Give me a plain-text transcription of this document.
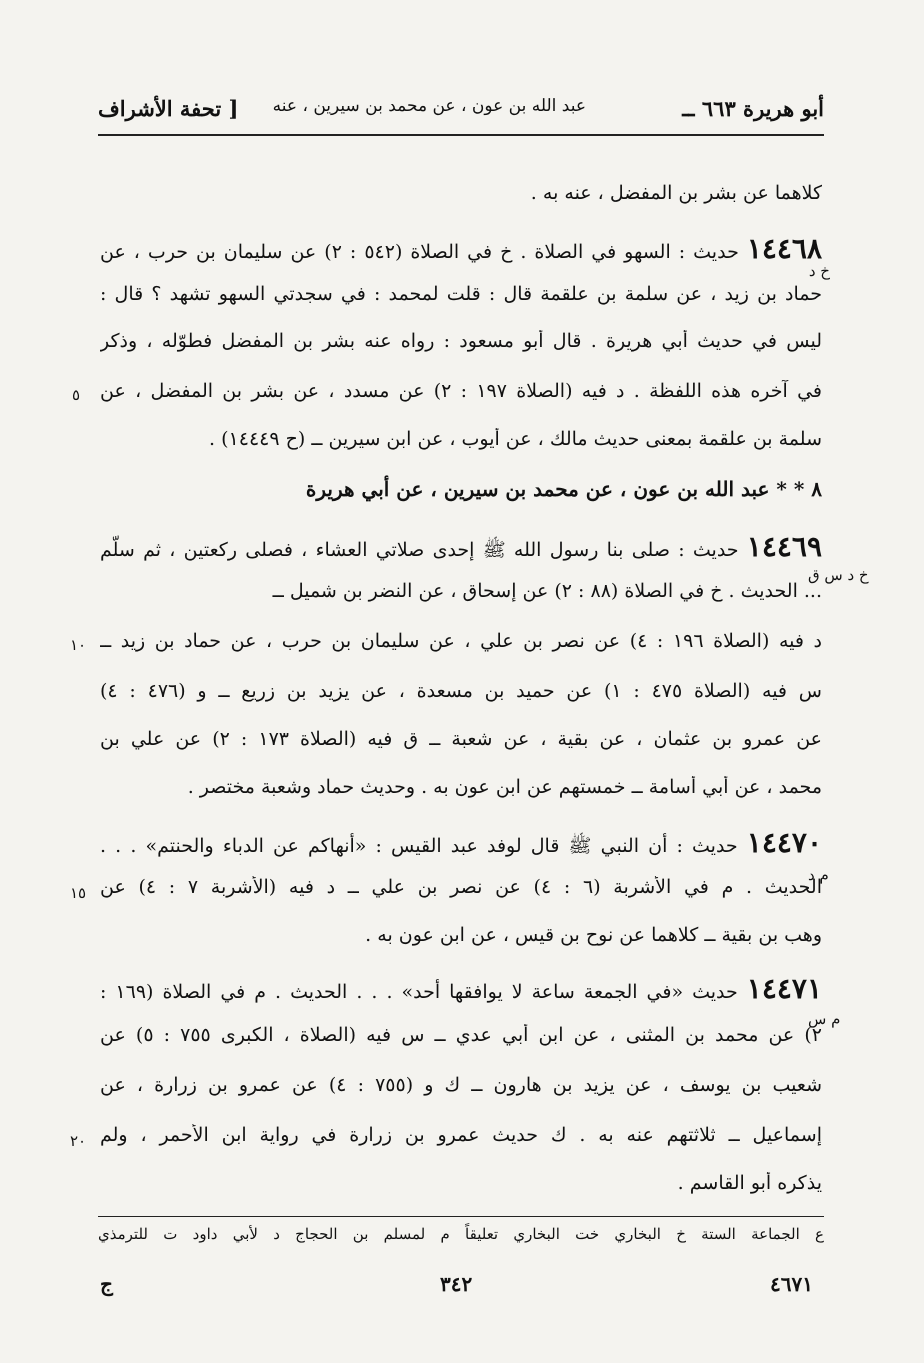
أبو هريرة ٦٦٣ ــ
عبد الله بن عون ، عن محمد بن سيرين ، عنه
[ تحفة الأشراف
كلاهما عن بشر بن المفضل ، عنه به .
١٤٤٦٨ حديث : السهو في الصلاة . خ في الصلاة (٥٤٢ : ٢) عن سليمان بن حرب ، عن
حماد بن زيد ، عن سلمة بن علقمة قال : قلت لمحمد : في سجدتي السهو تشهد ؟ قال :
ليس في حديث أبي هريرة . قال أبو مسعود : رواه عنه بشر بن المفضل فطوّله ، وذكر
في آخره هذه اللفظة . د فيه (الصلاة ١٩٧ : ٢) عن مسدد ، عن بشر بن المفضل ، عن
سلمة بن علقمة بمعنى حديث مالك ، عن أيوب ، عن ابن سيرين ــ (ح ١٤٤٤٩) .
١٤٤٦٩ حديث : صلى بنا رسول الله ﷺ إحدى صلاتي العشاء ، فصلى ركعتين ، ثم سلّم
... الحديث . خ في الصلاة (٨٨ : ٢) عن إسحاق ، عن النضر بن شميل ــ
د فيه (الصلاة ١٩٦ : ٤) عن نصر بن علي ، عن سليمان بن حرب ، عن حماد بن زيد ــ
س فيه (الصلاة ٤٧٥ : ١) عن حميد بن مسعدة ، عن يزيد بن زريع ــ و (٤٧٦ : ٤)
عن عمرو بن عثمان ، عن بقية ، عن شعبة ــ ق فيه (الصلاة ١٧٣ : ٢) عن علي بن
محمد ، عن أبي أسامة ــ خمستهم عن ابن عون به . وحديث حماد وشعبة مختصر .
١٤٤٧٠ حديث : أن النبي ﷺ قال لوفد عبد القيس : «أنهاكم عن الدباء والحنتم» . . .
الحديث . م في الأشربة (٦ : ٤) عن نصر بن علي ــ د فيه (الأشربة ٧ : ٤) عن
وهب بن بقية ــ كلاهما عن نوح بن قيس ، عن ابن عون به .
١٤٤٧١ حديث «في الجمعة ساعة لا يوافقها أحد» . . . الحديث . م في الصلاة (١٦٩ :
٢) عن محمد بن المثنى ، عن ابن أبي عدي ــ س فيه (الصلاة ، الكبرى ٧٥٥ : ٥) عن
شعيب بن يوسف ، عن يزيد بن هارون ــ ك و (٧٥٥ : ٤) عن عمرو بن زرارة ، عن
إسماعيل ــ ثلاثتهم عنه به . ك حديث عمرو بن زرارة في رواية ابن الأحمر ، ولم
يذكره أبو القاسم .
٨ * * عبد الله بن عون ، عن محمد بن سيرين ، عن أبي هريرة
خ د
خ د س ق
م د
م س
٥
١٠
١٥
٢٠
ع الجماعة الستة خ البخاري خت البخاري تعليقاً م لمسلم بن الحجاج د لأبي داود ت للترمذي
ج	٣٤٢	٤٦٧١
